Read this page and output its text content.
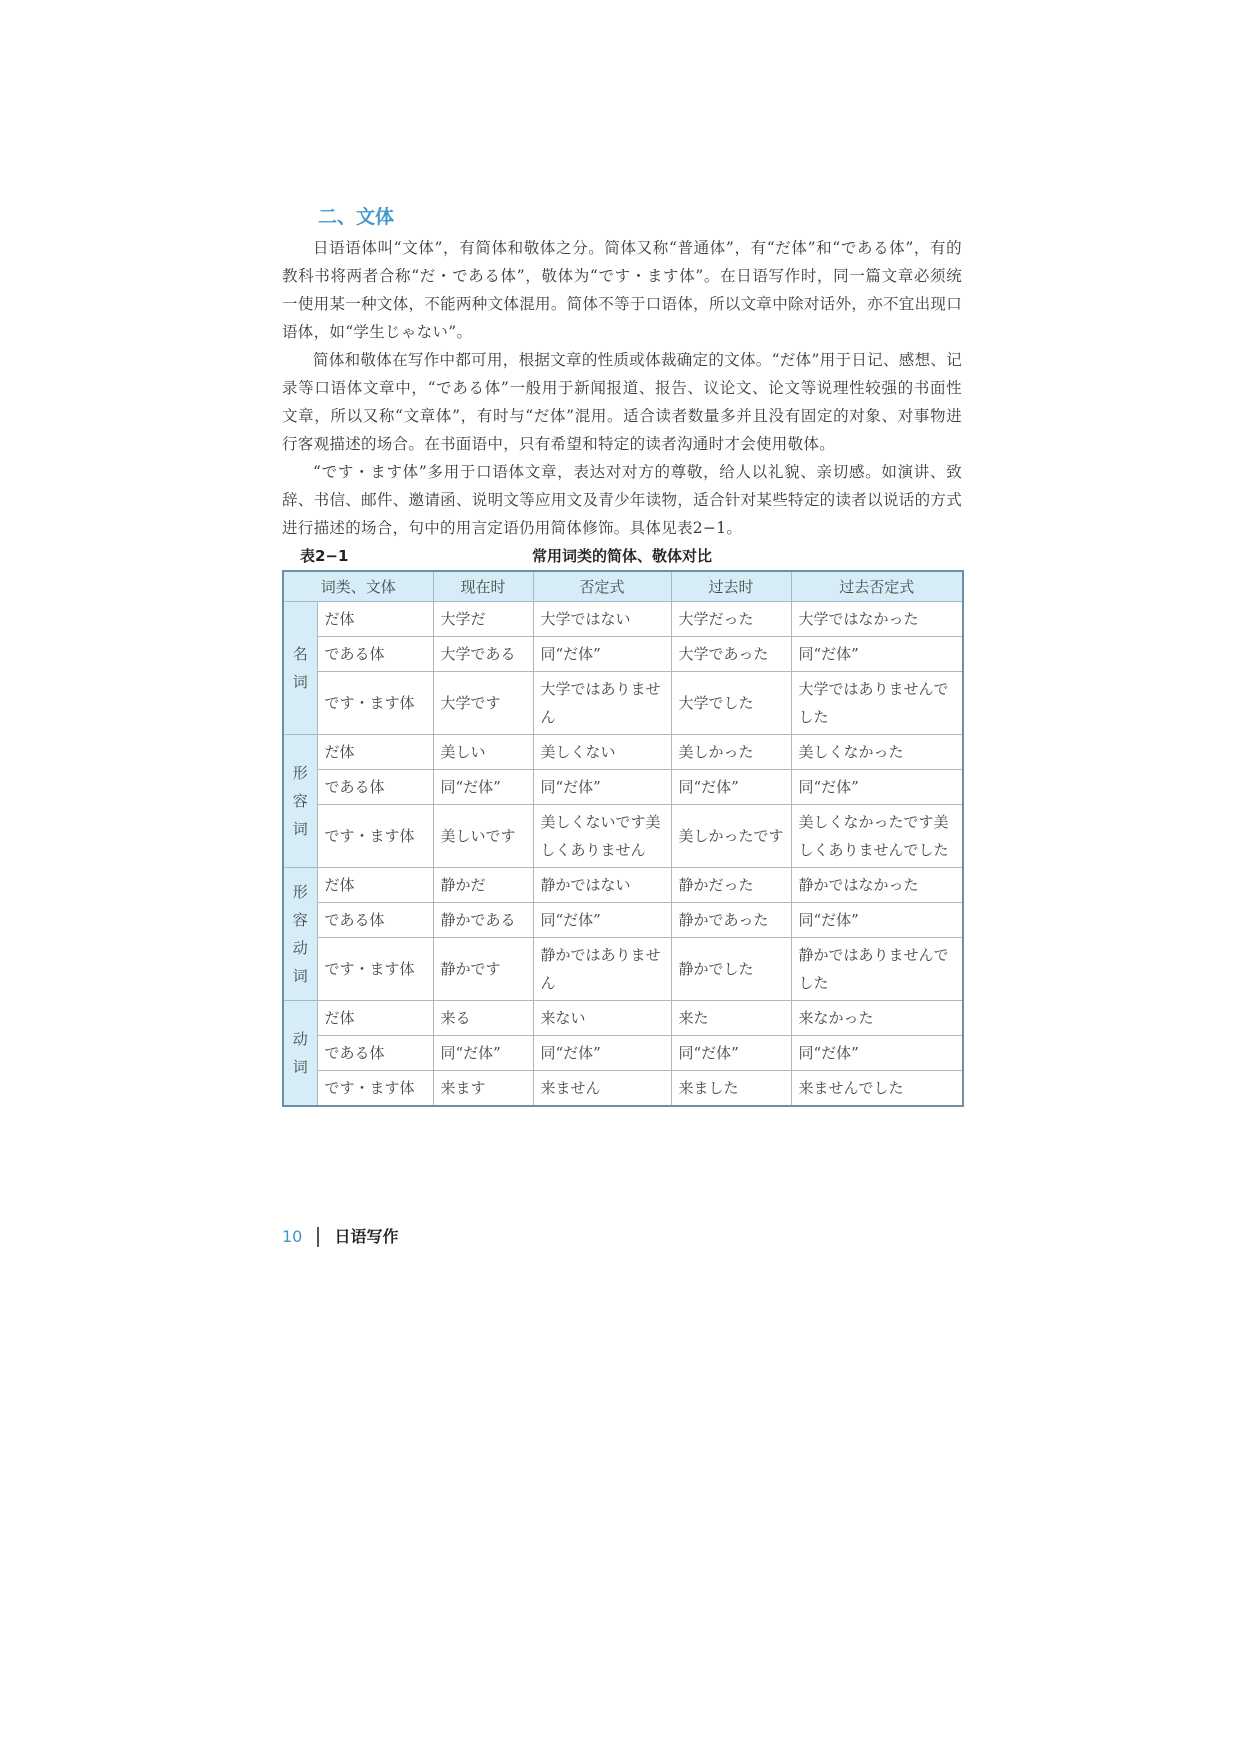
二、文体

日语语体叫“文体”，有简体和敬体之分。简体又称“普通体”，有“だ体”和“である体”，有的教科书将两者合称“だ・である体”，敬体为“です・ます体”。在日语写作时，同一篇文章必须统一使用某一种文体，不能两种文体混用。简体不等于口语体，所以文章中除对话外，亦不宜出现口语体，如“学生じゃない”。

简体和敬体在写作中都可用，根据文章的性质或体裁确定的文体。“だ体”用于日记、感想、记录等口语体文章中，“である体”一般用于新闻报道、报告、议论文、论文等说理性较强的书面性文章，所以又称“文章体”，有时与“だ体”混用。适合读者数量多并且没有固定的对象、对事物进行客观描述的场合。在书面语中，只有希望和特定的读者沟通时才会使用敬体。

“です・ます体”多用于口语体文章，表达对对方的尊敬，给人以礼貌、亲切感。如演讲、致辞、书信、邮件、邀请函、说明文等应用文及青少年读物，适合针对某些特定的读者以说话的方式进行描述的场合，句中的用言定语仍用简体修饰。具体见表2−1。

表2−1	常用词类的简体、敬体对比
词类、文体		现在时	否定式	过去时	过去否定式

名
词	だ体	大学だ	大学ではない	大学だった	大学ではなかった
	である体	大学である	同“だ体”	大学であった	同“だ体”
	です・ます体	大学です	大学ではありません	大学でした	大学ではありませんでした

形
容
词	だ体	美しい	美しくない	美しかった	美しくなかった
	である体	同“だ体”	同“だ体”	同“だ体”	同“だ体”
	です・ます体	美しいです	美しくないです美しくありません	美しかったです	美しくなかったです美しくありませんでした

形
容
动
词	だ体	静かだ	静かではない	静かだった	静かではなかった
	である体	静かである	同“だ体”	静かであった	同“だ体”
	です・ます体	静かです	静かではありません	静かでした	静かではありませんでした

动
词	だ体	来る	来ない	来た	来なかった
	である体	同“だ体”	同“だ体”	同“だ体”	同“だ体”
	です・ます体	来ます	来ません	来ました	来ませんでした
10 日语写作
